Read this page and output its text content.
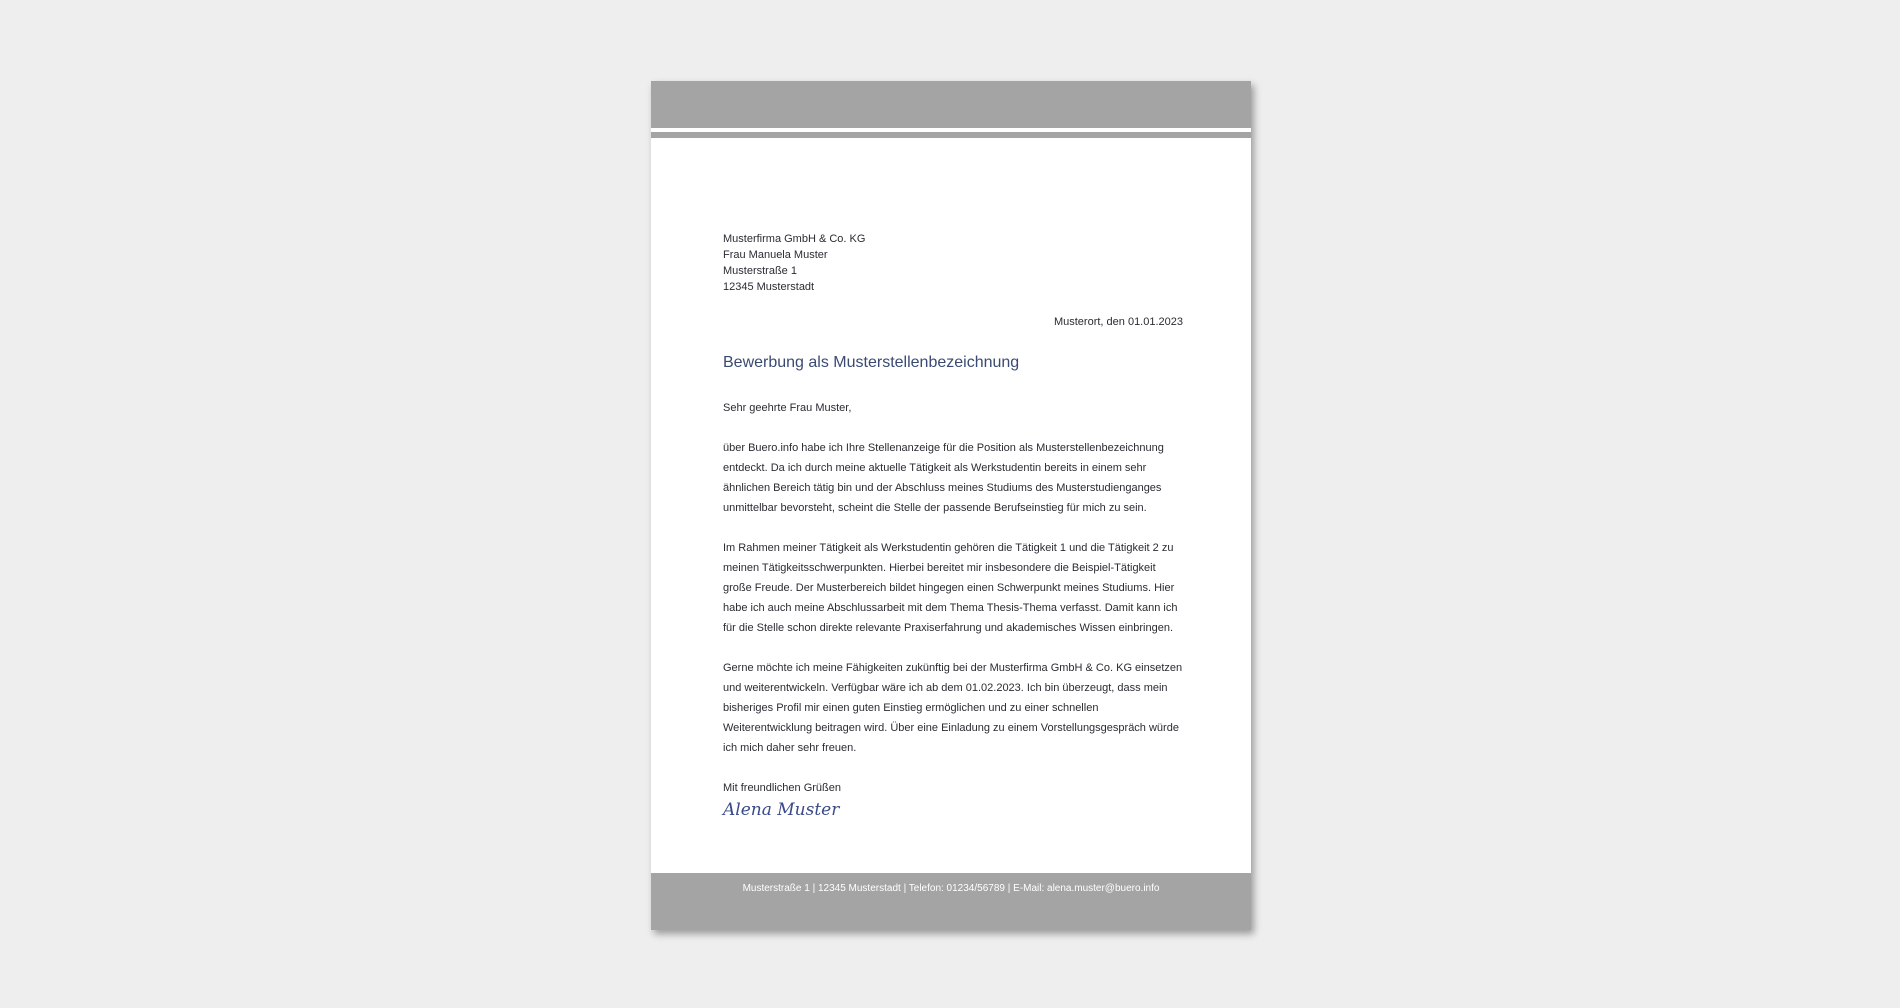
Musterfirma GmbH & Co. KG
Frau Manuela Muster
Musterstraße 1
12345 Musterstadt
Musterort, den 01.01.2023
Bewerbung als Musterstellenbezeichnung
Sehr geehrte Frau Muster,
über Buero.info habe ich Ihre Stellenanzeige für die Position als Musterstellenbezeichnung entdeckt. Da ich durch meine aktuelle Tätigkeit als Werkstudentin bereits in einem sehr ähnlichen Bereich tätig bin und der Abschluss meines Studiums des Musterstudienganges unmittelbar bevorsteht, scheint die Stelle der passende Berufseinstieg für mich zu sein.
Im Rahmen meiner Tätigkeit als Werkstudentin gehören die Tätigkeit 1 und die Tätigkeit 2 zu meinen Tätigkeitsschwerpunkten. Hierbei bereitet mir insbesondere die Beispiel-Tätigkeit große Freude. Der Musterbereich bildet hingegen einen Schwerpunkt meines Studiums. Hier habe ich auch meine Abschlussarbeit mit dem Thema Thesis-Thema verfasst. Damit kann ich für die Stelle schon direkte relevante Praxiserfahrung und akademisches Wissen einbringen.
Gerne möchte ich meine Fähigkeiten zukünftig bei der Musterfirma GmbH & Co. KG einsetzen und weiterentwickeln. Verfügbar wäre ich ab dem 01.02.2023. Ich bin überzeugt, dass mein bisheriges Profil mir einen guten Einstieg ermöglichen und zu einer schnellen Weiterentwicklung beitragen wird. Über eine Einladung zu einem Vorstellungsgespräch würde ich mich daher sehr freuen.
Mit freundlichen Grüßen
Alena Muster
Musterstraße 1 | 12345 Musterstadt | Telefon: 01234/56789 | E-Mail: alena.muster@buero.info
